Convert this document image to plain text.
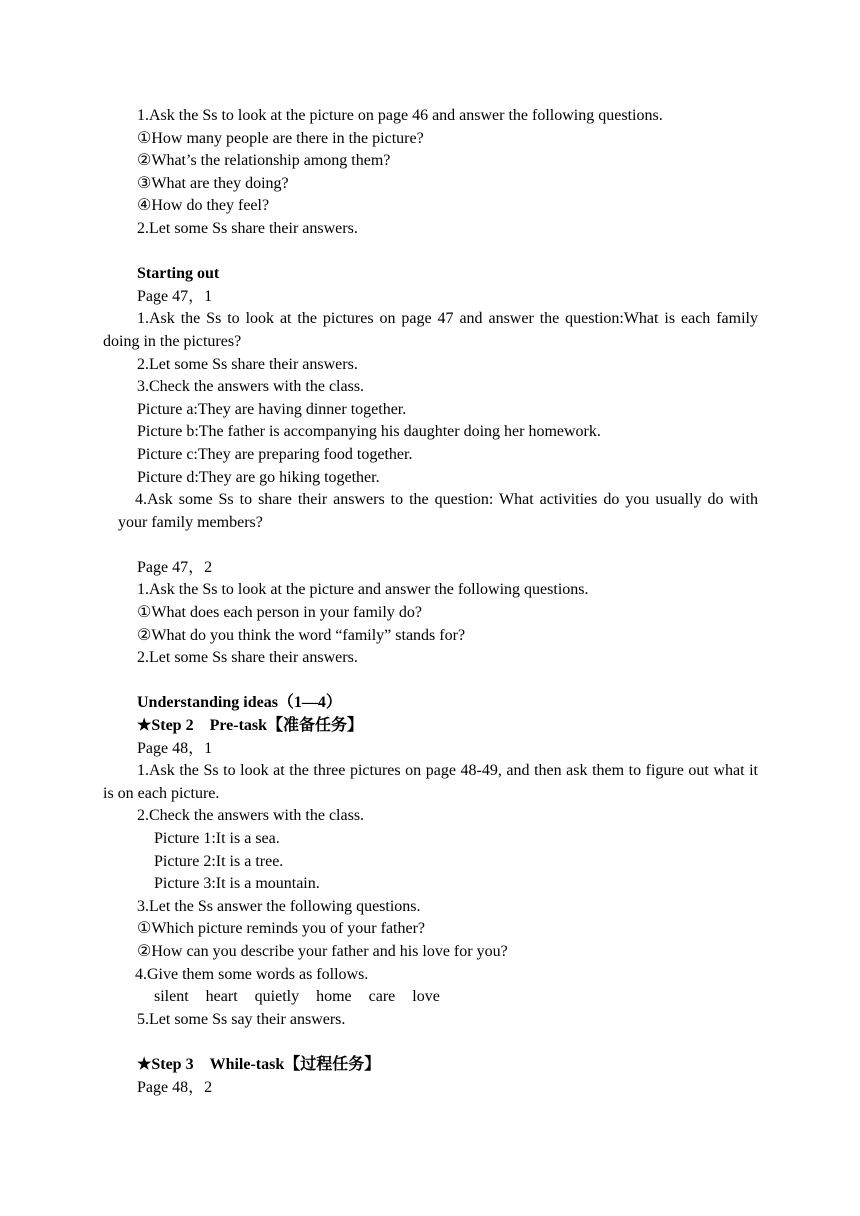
1.Ask the Ss to look at the picture on page 46 and answer the following questions.
①How many people are there in the picture?
②What’s the relationship among them?
③What are they doing?
④How do they feel?
2.Let some Ss share their answers.
Starting out
Page 47，1
1.Ask the Ss to look at the pictures on page 47 and answer the question:What is each family doing in the pictures?
2.Let some Ss share their answers.
3.Check the answers with the class.
Picture a:They are having dinner together.
Picture b:The father is accompanying his daughter doing her homework.
Picture c:They are preparing food together.
Picture d:They are go hiking together.
4.Ask some Ss to share their answers to the question: What activities do you usually do with your family members?
Page 47，2
1.Ask the Ss to look at the picture and answer the following questions.
①What does each person in your family do?
②What do you think the word “family” stands for?
2.Let some Ss share their answers.
Understanding ideas（1—4）
★Step 2　Pre-task【准备任务】
Page 48，1
1.Ask the Ss to look at the three pictures on page 48-49, and then ask them to figure out what it is on each picture.
2.Check the answers with the class.
Picture 1:It is a sea.
Picture 2:It is a tree.
Picture 3:It is a mountain.
3.Let the Ss answer the following questions.
①Which picture reminds you of your father?
②How can you describe your father and his love for you?
4.Give them some words as follows.
silent heart quietly home care love
5.Let some Ss say their answers.
★Step 3　While-task【过程任务】
Page 48，2
